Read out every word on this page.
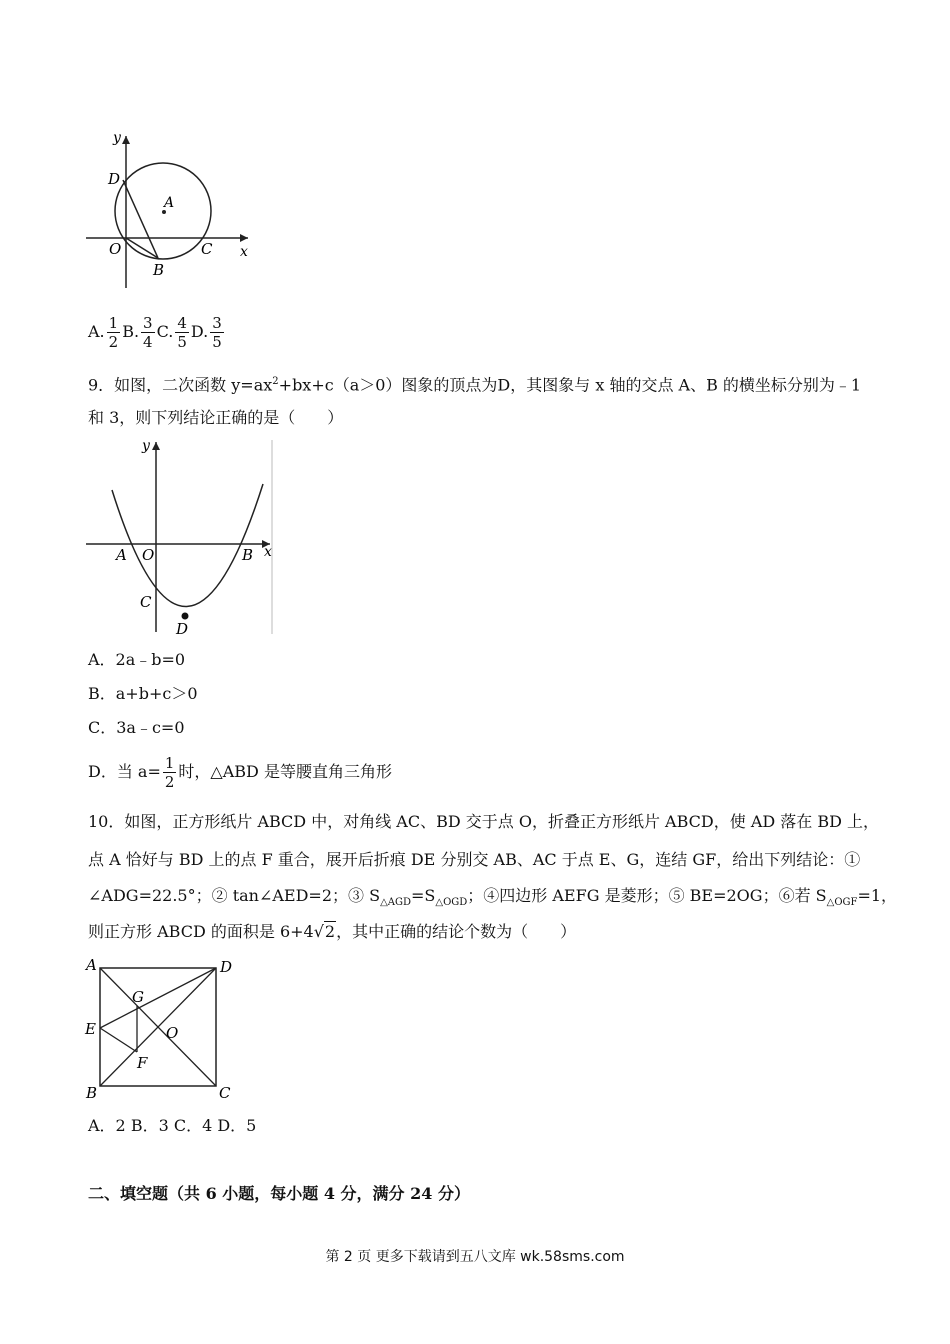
y
x
D
A
O	C
B
A. $\frac{1}{2} B$. $\frac{3}{4} C$. $\frac{4}{5} D$. $\frac{3}{5}$
9．如图，二次函数 $y=ax^2+bx+c(a>0)$图象的顶点为D，其图象与 x 轴的交点 A、B 的横坐标分别为﹣1
和 3，则下列结论正确的是（　　）
y
x
A O	B
C
D
A．2a﹣b=0
B．a+b+c＞0
C．3a﹣c=0
D．当 $a= \frac{1}{2}$ 时，△ABD 是等腰直角三角形
10．如图，正方形纸片 ABCD 中，对角线 AC、BD 交于点 O，折叠正方形纸片 ABCD，使 AD 落在 BD 上，
点 A 恰好与 BD 上的点 F 重合，展开后折痕 DE 分别交 AB、AC 于点 E、G，连结 GF，给出下列结论：①
∠ADG=22.5°；② tan∠AED=2；③ $S_{\triangle AGD}=S_{\triangle OGD}$；④四边形 AEFG 是菱形；⑤ BE=2OG；⑥若 $S_{\triangle OGF}=1$，
则正方形 ABCD 的面积是 6+4√2，其中正确的结论个数为（　　）
A	D
G
E	O
F
B	C
A．2 B．3 C．4 D．5
二、填空题（共 6 小题，每小题 4 分，满分 24 分）
第 2 页 更多下载请到五八文库 wk.58sms.com
